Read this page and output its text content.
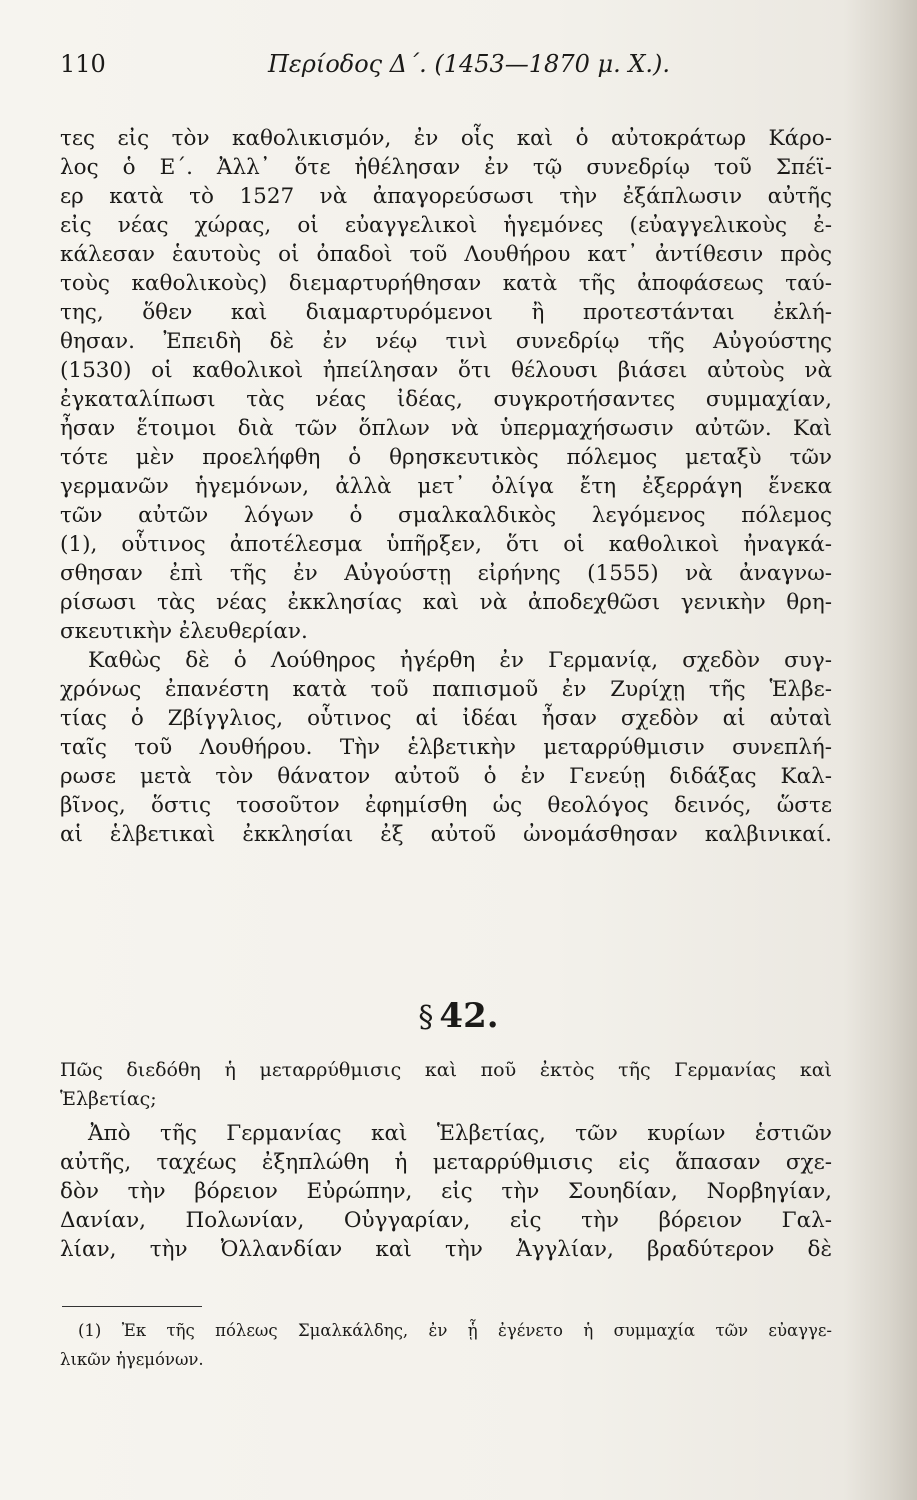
110	Περίοδος Δ΄. (1453—1870 μ. Χ.).
τες εἰς τὸν καθολικισμόν, ἐν οἷς καὶ ὁ αὐτοκράτωρ Κάρο-
λος ὁ Ε΄. Ἀλλ᾽ ὅτε ἠθέλησαν ἐν τῷ συνεδρίῳ τοῦ Σπέϊ-
ερ κατὰ τὸ 1527 νὰ ἀπαγορεύσωσι τὴν ἐξάπλωσιν αὐτῆς
εἰς νέας χώρας, οἱ εὐαγγελικοὶ ἡγεμόνες (εὐαγγελικοὺς ἐ-
κάλεσαν ἑαυτοὺς οἱ ὀπαδοὶ τοῦ Λουθήρου κατ᾽ ἀντίθεσιν πρὸς
τοὺς καθολικοὺς) διεμαρτυρήθησαν κατὰ τῆς ἀποφάσεως ταύ-
της, ὅθεν καὶ διαμαρτυρόμενοι ἢ προτεστάνται ἐκλή-
θησαν. Ἐπειδὴ δὲ ἐν νέῳ τινὶ συνεδρίῳ τῆς Αὐγούστης
(1530) οἱ καθολικοὶ ἠπείλησαν ὅτι θέλουσι βιάσει αὐτοὺς νὰ
ἐγκαταλίπωσι τὰς νέας ἰδέας, συγκροτήσαντες συμμαχίαν,
ἦσαν ἕτοιμοι διὰ τῶν ὅπλων νὰ ὑπερμαχήσωσιν αὐτῶν. Καὶ
τότε μὲν προελήφθη ὁ θρησκευτικὸς πόλεμος μεταξὺ τῶν
γερμανῶν ἡγεμόνων, ἀλλὰ μετ᾽ ὀλίγα ἔτη ἐξερράγη ἕνεκα
τῶν αὐτῶν λόγων ὁ σμαλκαλδικὸς λεγόμενος πόλεμος
(1), οὗτινος ἀποτέλεσμα ὑπῆρξεν, ὅτι οἱ καθολικοὶ ἠναγκά-
σθησαν ἐπὶ τῆς ἐν Αὐγούστῃ εἰρήνης (1555) νὰ ἀναγνω-
ρίσωσι τὰς νέας ἐκκλησίας καὶ νὰ ἀποδεχθῶσι γενικὴν θρη-
σκευτικὴν ἐλευθερίαν.
Καθὼς δὲ ὁ Λούθηρος ἠγέρθη ἐν Γερμανίᾳ, σχεδὸν συγ-
χρόνως ἐπανέστη κατὰ τοῦ παπισμοῦ ἐν Ζυρίχῃ τῆς Ἑλβε-
τίας ὁ Ζβίγγλιος, οὗτινος αἱ ἰδέαι ἦσαν σχεδὸν αἱ αὐταὶ
ταῖς τοῦ Λουθήρου. Τὴν ἑλβετικὴν μεταρρύθμισιν συνεπλή-
ρωσε μετὰ τὸν θάνατον αὐτοῦ ὁ ἐν Γενεύῃ διδάξας Καλ-
βῖνος, ὅστις τοσοῦτον ἐφημίσθη ὡς θεολόγος δεινός, ὥστε
αἱ ἑλβετικαὶ ἐκκλησίαι ἐξ αὐτοῦ ὠνομάσθησαν καλβινικαί.
§ 42.
Πῶς διεδόθη ἡ μεταρρύθμισις καὶ ποῦ ἐκτὸς τῆς Γερμανίας καὶ
Ἑλβετίας;
Ἀπὸ τῆς Γερμανίας καὶ Ἑλβετίας, τῶν κυρίων ἑστιῶν
αὐτῆς, ταχέως ἐξηπλώθη ἡ μεταρρύθμισις εἰς ἅπασαν σχε-
δὸν τὴν βόρειον Εὐρώπην, εἰς τὴν Σουηδίαν, Νορβηγίαν,
Δανίαν, Πολωνίαν, Οὐγγαρίαν, εἰς τὴν βόρειον Γαλ-
λίαν, τὴν Ὀλλανδίαν καὶ τὴν Ἀγγλίαν, βραδύτερον δὲ
(1) Ἐκ τῆς πόλεως Σμαλκάλδης, ἐν ᾗ ἐγένετο ἡ συμμαχία τῶν εὐαγγε-
λικῶν ἡγεμόνων.
